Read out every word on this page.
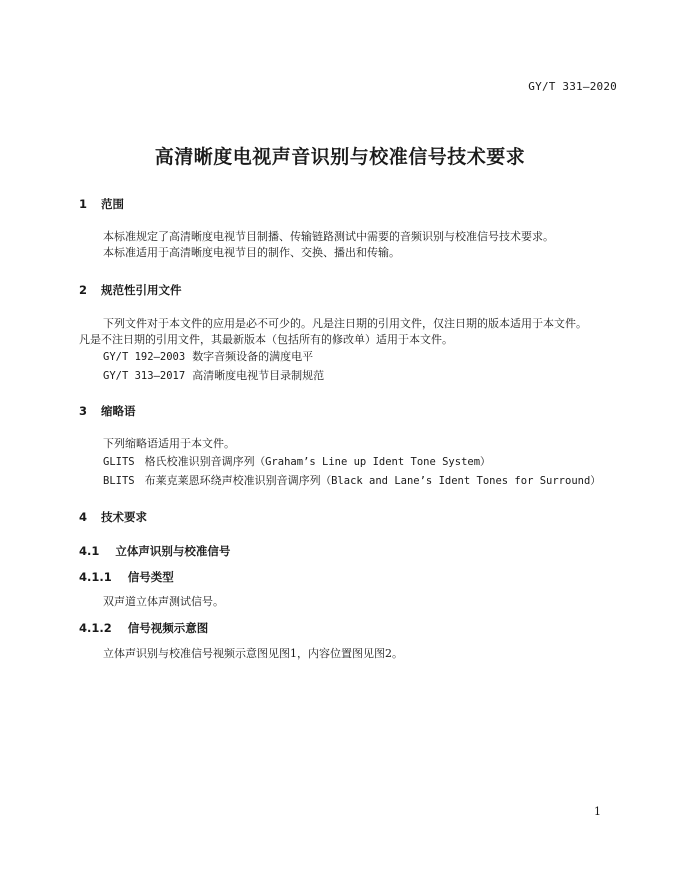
GY/T 331—2020
高清晰度电视声音识别与校准信号技术要求
1 范围

本标准规定了高清晰度电视节目制播、传输链路测试中需要的音频识别与校准信号技术要求。

本标准适用于高清晰度电视节目的制作、交换、播出和传输。

2 规范性引用文件

下列文件对于本文件的应用是必不可少的。凡是注日期的引用文件，仅注日期的版本适用于本文件。

凡是不注日期的引用文件，其最新版本（包括所有的修改单）适用于本文件。

GY/T 192—2003 数字音频设备的满度电平

GY/T 313—2017 高清晰度电视节目录制规范

3 缩略语

下列缩略语适用于本文件。

GLITS 格氏校准识别音调序列（Graham’s Line up Ident Tone System）

BLITS 布莱克莱恩环绕声校准识别音调序列（Black and Lane’s Ident Tones for Surround）

4 技术要求
4.1 立体声识别与校准信号
4.1.1 信号类型

双声道立体声测试信号。

4.1.2 信号视频示意图

立体声识别与校准信号视频示意图见图1，内容位置图见图2。

1
